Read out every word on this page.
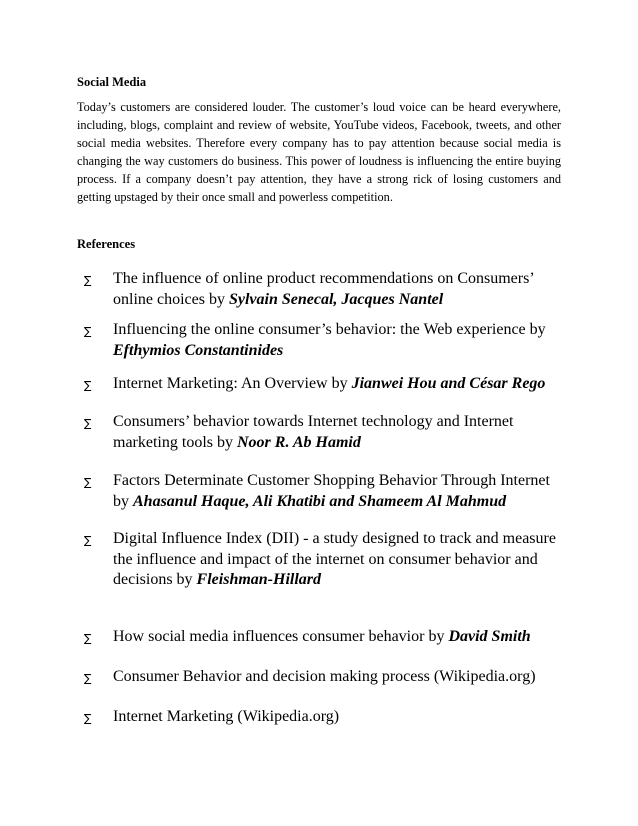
Social Media

Today’s customers are considered louder. The customer’s loud voice can be heard everywhere, including, blogs, complaint and review of website, YouTube videos, Facebook, tweets, and other social media websites. Therefore every company has to pay attention because social media is changing the way customers do business. This power of loudness is influencing the entire buying process. If a company doesn’t pay attention, they have a strong rick of losing customers and getting upstaged by their once small and powerless competition.

References
∑ The influence of online product recommendations on Consumers’ online choices by Sylvain Senecal, Jacques Nantel
∑ Influencing the online consumer’s behavior: the Web experience by Efthymios Constantinides
∑ Internet Marketing: An Overview by Jianwei Hou and César Rego
∑ Consumers’ behavior towards Internet technology and Internet marketing tools by Noor R. Ab Hamid
∑ Factors Determinate Customer Shopping Behavior Through Internet by Ahasanul Haque, Ali Khatibi and Shameem Al Mahmud
∑ Digital Influence Index (DII) - a study designed to track and measure the influence and impact of the internet on consumer behavior and decisions by Fleishman-Hillard
∑ How social media influences consumer behavior by David Smith
∑ Consumer Behavior and decision making process (Wikipedia.org)
∑ Internet Marketing (Wikipedia.org)
